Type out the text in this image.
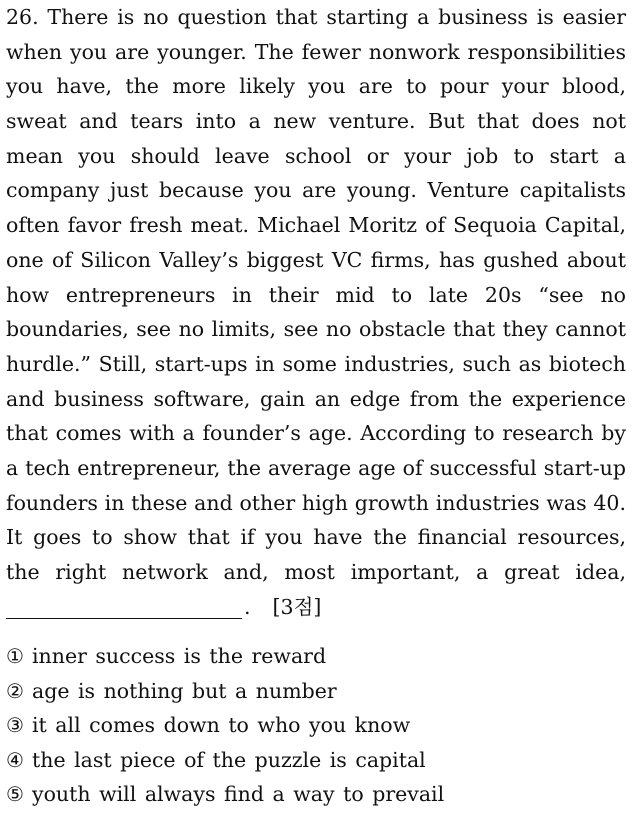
26. There is no question that starting a business is easier
when you are younger. The fewer nonwork responsibilities
you have, the more likely you are to pour your blood,
sweat and tears into a new venture. But that does not
mean you should leave school or your job to start a
company just because you are young. Venture capitalists
often favor fresh meat. Michael Moritz of Sequoia Capital,
one of Silicon Valley’s biggest VC firms, has gushed about
how entrepreneurs in their mid to late 20s “see no
boundaries, see no limits, see no obstacle that they cannot
hurdle.” Still, start-ups in some industries, such as biotech
and business software, gain an edge from the experience
that comes with a founder’s age. According to research by
a tech entrepreneur, the average age of successful start-up
founders in these and other high growth industries was 40.
It goes to show that if you have the financial resources,
the right network and, most important, a great idea,
. [3점]
① inner success is the reward
② age is nothing but a number
③ it all comes down to who you know
④ the last piece of the puzzle is capital
⑤ youth will always find a way to prevail
